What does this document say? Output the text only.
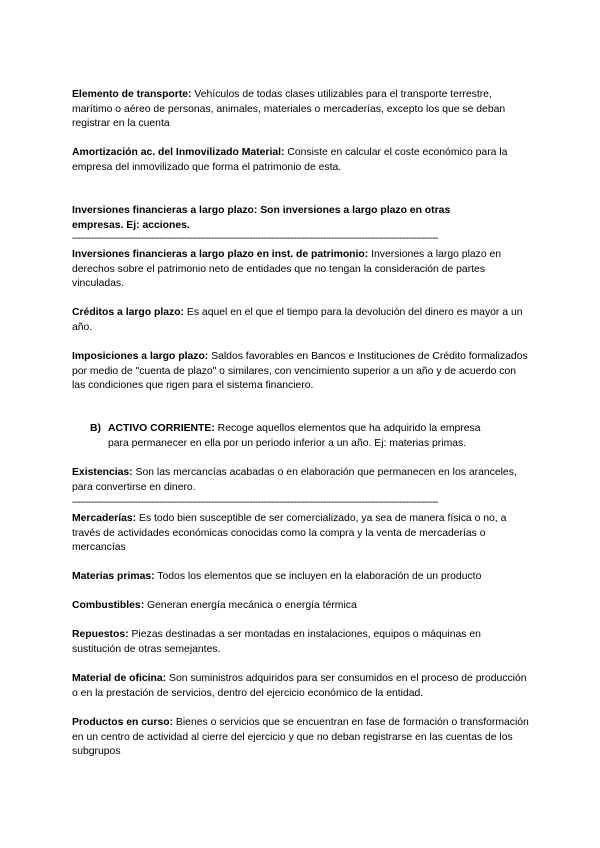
Elemento de transporte: Vehículos de todas clases utilizables para el transporte terrestre, marítimo o aéreo de personas, animales, materiales o mercaderías, excepto los que se deban registrar en la cuenta

Amortización ac. del Inmovilizado Material: Consiste en calcular el coste económico para la empresa del inmovilizado que forma el patrimonio de esta.

Inversiones financieras a largo plazo: Son inversiones a largo plazo en otras empresas. Ej: acciones.

--------------------------------------------------------------------------------------------------------------------------------------

Inversiones financieras a largo plazo en inst. de patrimonio: Inversiones a largo plazo en derechos sobre el patrimonio neto de entidades que no tengan la consideración de partes vinculadas.

Créditos a largo plazo: Es aquel en el que el tiempo para la devolución del dinero es mayor a un año.

Imposiciones a largo plazo: Saldos favorables en Bancos e Instituciones de Crédito formalizados por medio de "cuenta de plazo" o similares, con vencimiento superior a un año y de acuerdo con las condiciones que rigen para el sistema financiero.

B) ACTIVO CORRIENTE: Recoge aquellos elementos que ha adquirido la empresa
para permanecer en ella por un periodo inferior a un año. Ej: materias primas.

Existencias: Son las mercancías acabadas o en elaboración que permanecen en los aranceles, para convertirse en dinero.

--------------------------------------------------------------------------------------------------------------------------------------

Mercaderías: Es todo bien susceptible de ser comercializado, ya sea de manera física o no, a través de actividades económicas conocidas como la compra y la venta de mercaderías o mercancías

Materias primas: Todos los elementos que se incluyen en la elaboración de un producto

Combustibles: Generan energía mecánica o energía térmica

Repuestos: Piezas destinadas a ser montadas en instalaciones, equipos o máquinas en sustitución de otras semejantes.

Material de oficina: Son suministros adquiridos para ser consumidos en el proceso de producción o en la prestación de servicios, dentro del ejercicio económico de la entidad.

Productos en curso: Bienes o servicios que se encuentran en fase de formación o transformación en un centro de actividad al cierre del ejercicio y que no deban registrarse en las cuentas de los subgrupos
